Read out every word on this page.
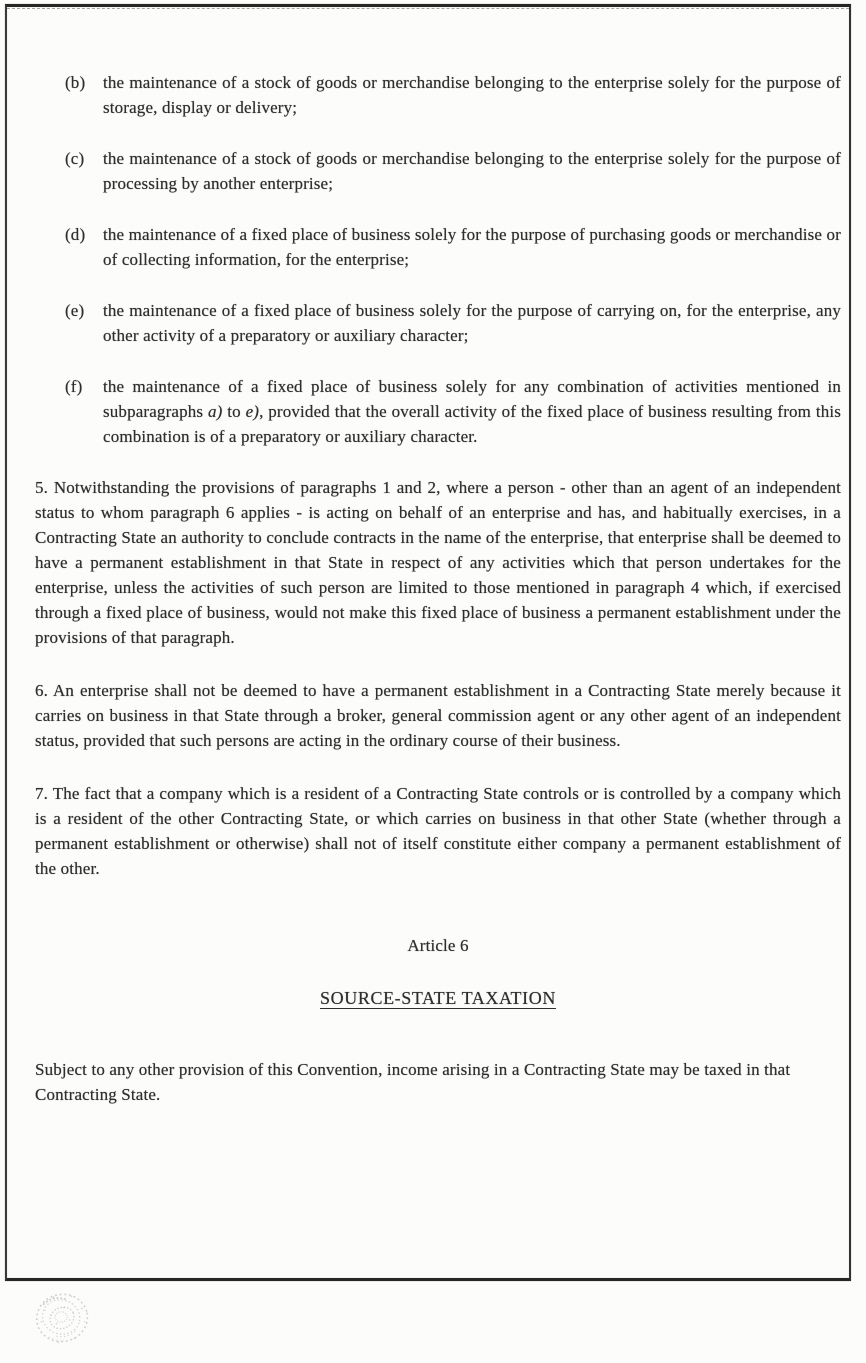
(b)	the maintenance of a stock of goods or merchandise belonging to the enterprise solely for the purpose of storage, display or delivery;
(c)	the maintenance of a stock of goods or merchandise belonging to the enterprise solely for the purpose of processing by another enterprise;
(d)	the maintenance of a fixed place of business solely for the purpose of purchasing goods or merchandise or of collecting information, for the enterprise;
(e)	the maintenance of a fixed place of business solely for the purpose of carrying on, for the enterprise, any other activity of a preparatory or auxiliary character;
(f)	the maintenance of a fixed place of business solely for any combination of activities mentioned in subparagraphs a) to e), provided that the overall activity of the fixed place of business resulting from this combination is of a preparatory or auxiliary character.

5. Notwithstanding the provisions of paragraphs 1 and 2, where a person - other than an agent of an independent status to whom paragraph 6 applies - is acting on behalf of an enterprise and has, and habitually exercises, in a Contracting State an authority to conclude contracts in the name of the enterprise, that enterprise shall be deemed to have a permanent establishment in that State in respect of any activities which that person undertakes for the enterprise, unless the activities of such person are limited to those mentioned in paragraph 4 which, if exercised through a fixed place of business, would not make this fixed place of business a permanent establishment under the provisions of that paragraph.

6. An enterprise shall not be deemed to have a permanent establishment in a Contracting State merely because it carries on business in that State through a broker, general commission agent or any other agent of an independent status, provided that such persons are acting in the ordinary course of their business.

7. The fact that a company which is a resident of a Contracting State controls or is controlled by a company which is a resident of the other Contracting State, or which carries on business in that other State (whether through a permanent establishment or otherwise) shall not of itself constitute either company a permanent establishment of the other.

Article 6

SOURCE-STATE TAXATION

Subject to any other provision of this Convention, income arising in a Contracting State may be taxed in that Contracting State.
